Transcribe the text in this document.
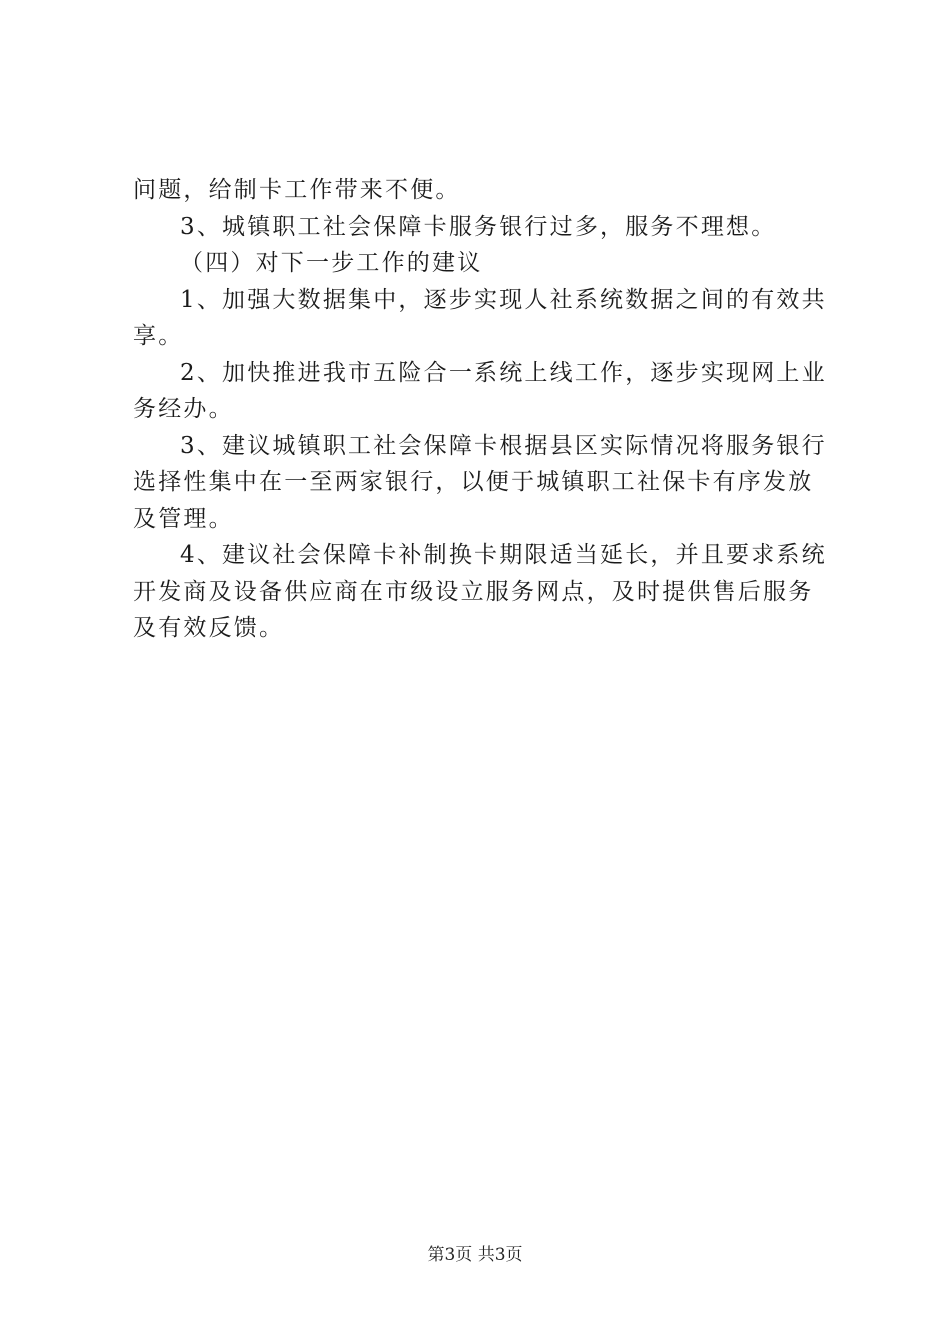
问题，给制卡工作带来不便。
3、城镇职工社会保障卡服务银行过多，服务不理想。
（四）对下一步工作的建议
1、加强大数据集中，逐步实现人社系统数据之间的有效共
享。
2、加快推进我市五险合一系统上线工作，逐步实现网上业
务经办。
3、建议城镇职工社会保障卡根据县区实际情况将服务银行
选择性集中在一至两家银行，以便于城镇职工社保卡有序发放
及管理。
4、建议社会保障卡补制换卡期限适当延长，并且要求系统
开发商及设备供应商在市级设立服务网点，及时提供售后服务
及有效反馈。
第3页 共3页
